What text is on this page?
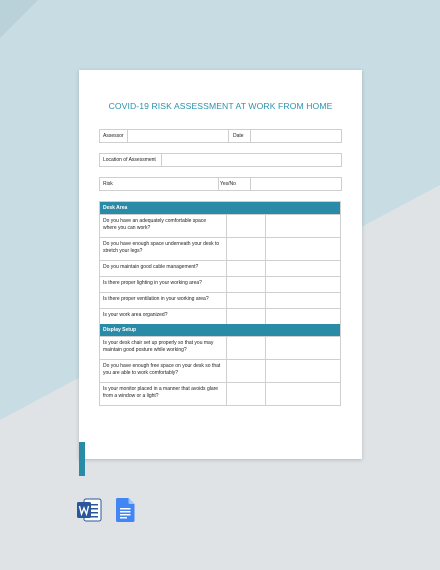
COVID-19 RISK ASSESSMENT AT WORK FROM HOME
Assessor	Date
Location of Assessment
Risk	Yes/No
Desk Area
Do you have an adequately comfortable space
where you can work?
Do you have enough space underneath your desk to
stretch your legs?
Do you maintain good cable management?
Is there proper lighting in your working area?
Is there proper ventilation in your working area?
Is your work area organized?
Display Setup
Is your desk chair set up properly so that you may
maintain good posture while working?
Do you have enough free space on your desk so that
you are able to work comfortably?
Is your monitor placed in a manner that avoids glare
from a window or a light?
